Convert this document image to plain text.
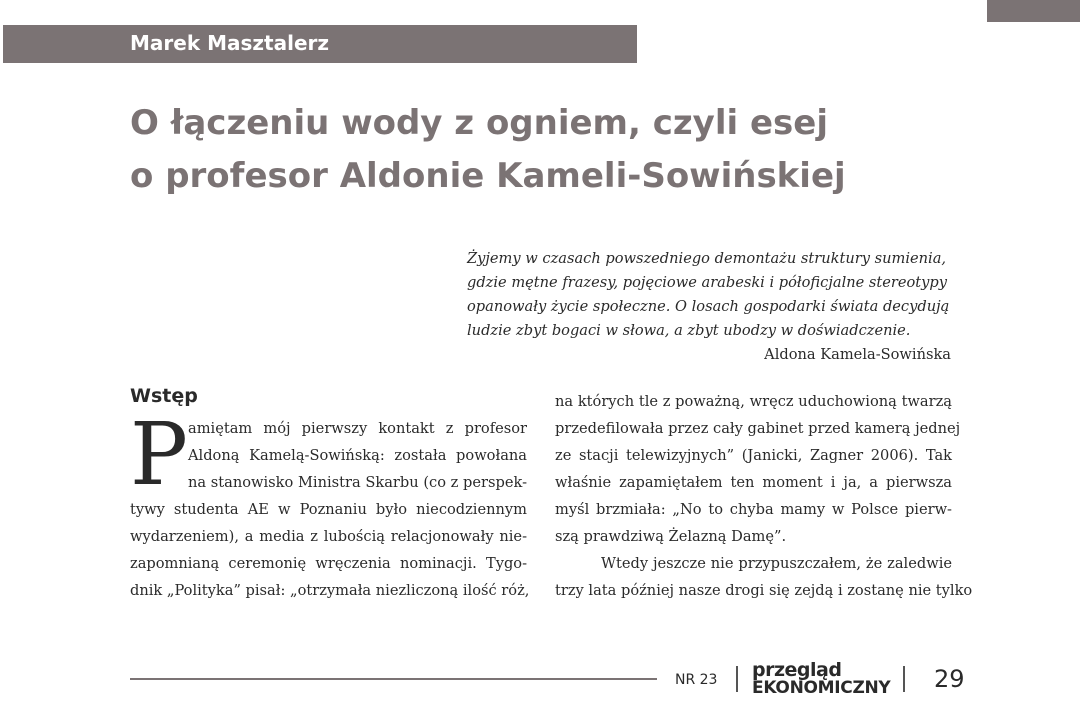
Marek Masztalerz
O łączeniu wody z ogniem, czyli esej
o profesor Aldonie Kameli-Sowińskiej
Żyjemy w czasach powszedniego demontażu struktury sumienia,
gdzie mętne frazesy, pojęciowe arabeski i półoficjalne stereotypy
opanowały życie społeczne. O losach gospodarki świata decydują
ludzie zbyt bogaci w słowa, a zbyt ubodzy w doświadczenie.
Aldona Kamela-Sowińska
Wstęp
P amiętam mój pierwszy kontakt z profesor
Aldoną Kamelą-Sowińską: została powołana
na stanowisko Ministra Skarbu (co z perspek-
tywy studenta AE w Poznaniu było niecodziennym
wydarzeniem), a media z lubością relacjonowały nie-
zapomnianą ceremonię wręczenia nominacji. Tygo-
dnik „Polityka” pisał: „otrzymała niezliczoną ilość róż,
na których tle z poważną, wręcz uduchowioną twarzą
przedefilowała przez cały gabinet przed kamerą jednej
ze stacji telewizyjnych” (Janicki, Zagner 2006). Tak
właśnie zapamiętałem ten moment i ja, a pierwsza
myśl brzmiała: „No to chyba mamy w Polsce pierw-
szą prawdziwą Żelazną Damę”.
Wtedy jeszcze nie przypuszczałem, że zaledwie
trzy lata później nasze drogi się zejdą i zostanę nie tylko
NR 23 przegląd
EKONOMICZNY 29
